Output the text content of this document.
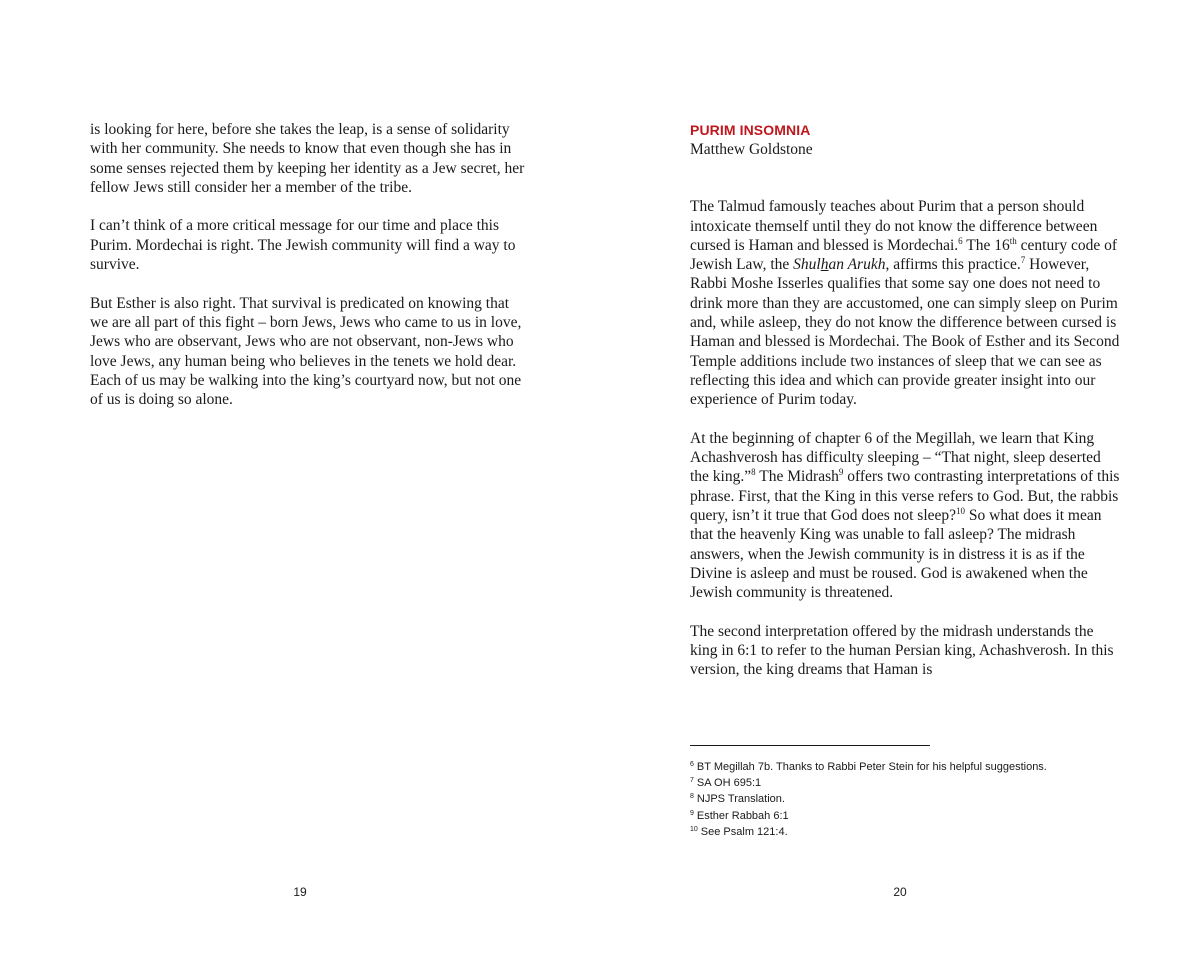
is looking for here, before she takes the leap, is a sense of solidarity with her community. She needs to know that even though she has in some senses rejected them by keeping her identity as a Jew secret, her fellow Jews still consider her a member of the tribe.

I can’t think of a more critical message for our time and place this Purim. Mordechai is right. The Jewish community will find a way to survive.

But Esther is also right. That survival is predicated on knowing that we are all part of this fight – born Jews, Jews who came to us in love, Jews who are observant, Jews who are not observant, non-Jews who love Jews, any human being who believes in the tenets we hold dear. Each of us may be walking into the king’s courtyard now, but not one of us is doing so alone.

19
PURIM INSOMNIA
Matthew Goldstone

The Talmud famously teaches about Purim that a person should intoxicate themself until they do not know the difference between cursed is Haman and blessed is Mordechai.$^6$ The 16th century code of Jewish Law, the Shulhan Arukh, affirms this practice.$^7$ However, Rabbi Moshe Isserles qualifies that some say one does not need to drink more than they are accustomed, one can simply sleep on Purim and, while asleep, they do not know the difference between cursed is Haman and blessed is Mordechai. The Book of Esther and its Second Temple additions include two instances of sleep that we can see as reflecting this idea and which can provide greater insight into our experience of Purim today.

At the beginning of chapter 6 of the Megillah, we learn that King Achashverosh has difficulty sleeping – “That night, sleep deserted the king.”$^8$ The Midrash$^9$ offers two contrasting interpretations of this phrase. First, that the King in this verse refers to God. But, the rabbis query, isn’t it true that God does not sleep?$^{10}$ So what does it mean that the heavenly King was unable to fall asleep? The midrash answers, when the Jewish community is in distress it is as if the Divine is asleep and must be roused. God is awakened when the Jewish community is threatened.

The second interpretation offered by the midrash understands the king in 6:1 to refer to the human Persian king, Achashverosh. In this version, the king dreams that Haman is

$^6$ BT Megillah 7b. Thanks to Rabbi Peter Stein for his helpful suggestions.
$^7$ SA OH 695:1
$^8$ NJPS Translation.
$^9$ Esther Rabbah 6:1
$^{10}$ See Psalm 121:4.
20
